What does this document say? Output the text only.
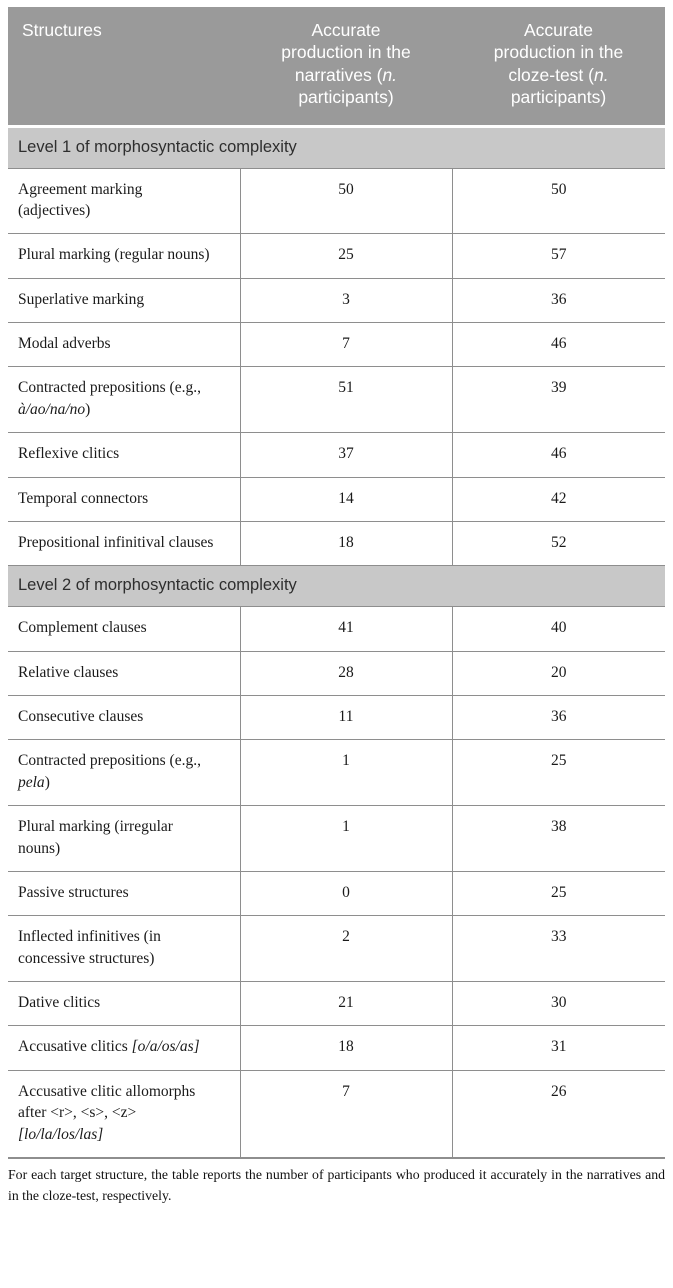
Structures	Accurate production in the narratives (n. participants)	Accurate production in the cloze-test (n. participants)
Level 1 of morphosyntactic complexity		
Agreement marking (adjectives)	50	50
Plural marking (regular nouns)	25	57
Superlative marking	3	36
Modal adverbs	7	46
Contracted prepositions (e.g., à/ao/na/no)	51	39
Reflexive clitics	37	46
Temporal connectors	14	42
Prepositional infinitival clauses	18	52
Level 2 of morphosyntactic complexity		
Complement clauses	41	40
Relative clauses	28	20
Consecutive clauses	11	36
Contracted prepositions (e.g., pela)	1	25
Plural marking (irregular nouns)	1	38
Passive structures	0	25
Inflected infinitives (in concessive structures)	2	33
Dative clitics	21	30
Accusative clitics [o/a/os/as]	18	31
Accusative clitic allomorphs after <r>, <s>, <z> [lo/la/los/las]	7	26

For each target structure, the table reports the number of participants who produced it accurately in the narratives and in the cloze-test, respectively.
